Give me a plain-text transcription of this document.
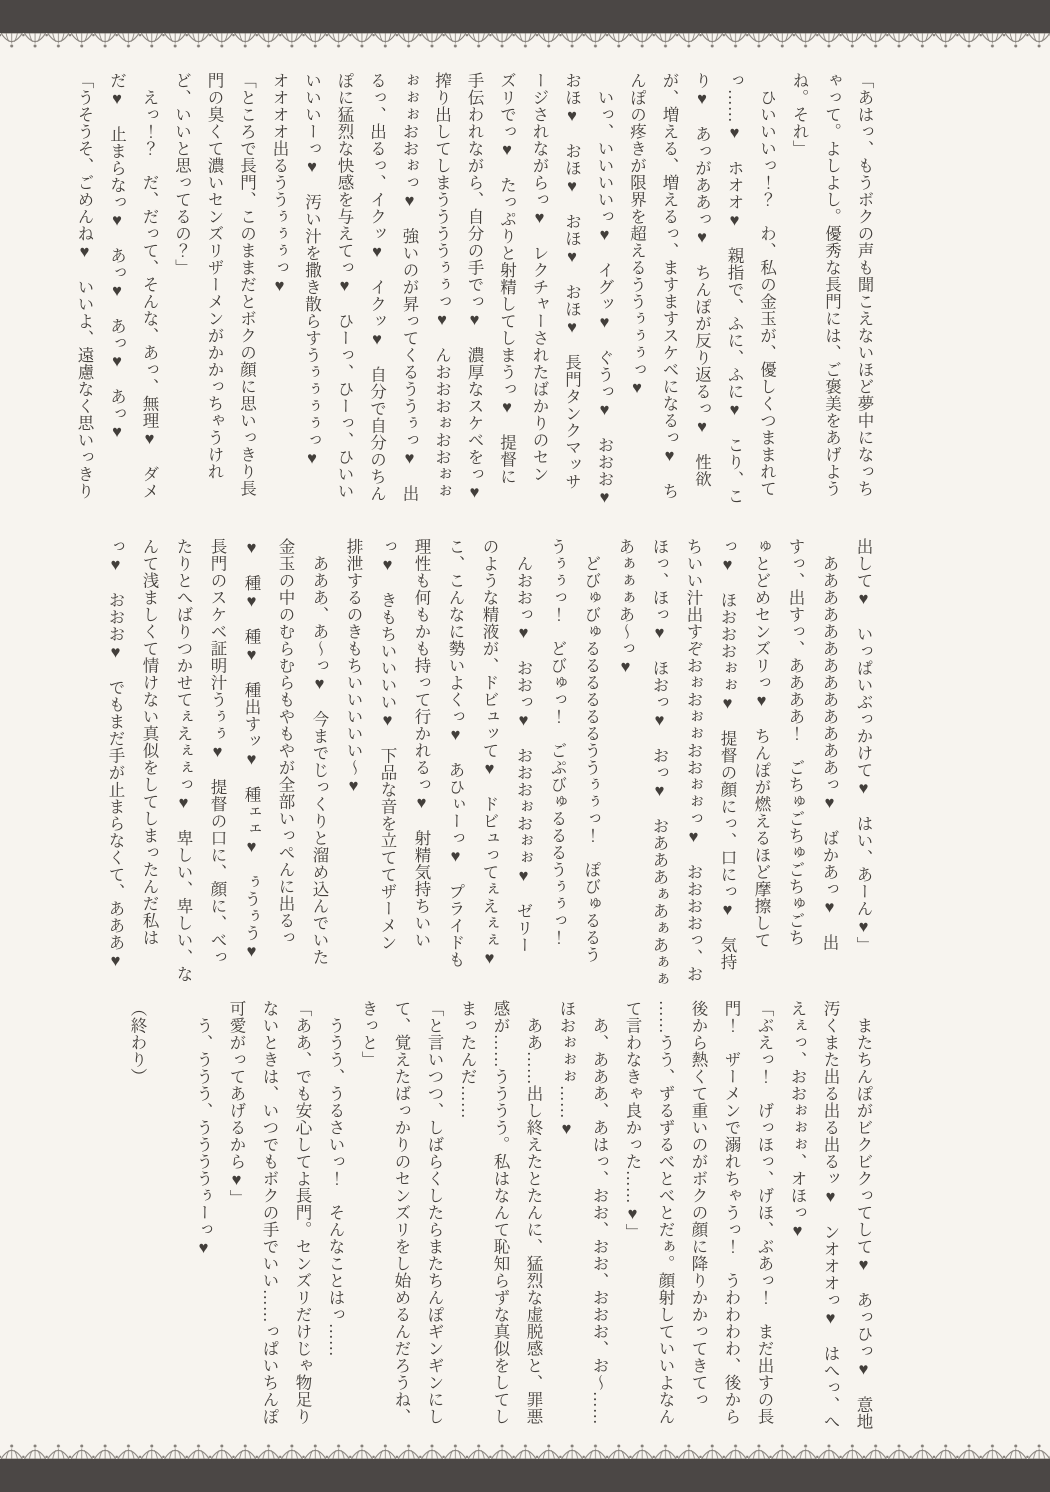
「あはっ、もうボクの声も聞こえないほど夢中になっち

ゃって。よしよし。優秀な長門には、ご褒美をあげよう

ね。それ」

　ひいいいっ！？　わ、私の金玉が、優しくつままれて

っ……♥　ホオオ♥　親指で、ふに、ふに♥　こり、こ

り♥　あっがああっ♥　ちんぽが反り返るっ♥　性欲

が、増える、増えるっ、ますますスケベになるっ♥　ち

んぽの疼きが限界を超えるううぅぅぅっ♥

　いっ、いいいいっ♥　イグッ♥　ぐうっ♥　おおお♥

おほ♥　おほ♥　おほ♥　おほ♥　長門タンクマッサ

ージされながらっ♥　レクチャーされたばかりのセン

ズリでっ♥　たっぷりと射精してしまうっ♥　提督に

手伝われながら、自分の手でっ♥　濃厚なスケベをっ♥

搾り出してしまううううぅぅっ♥　んおおおぉおおぉぉ

ぉぉぉおおぉっ♥　強いのが昇ってくるううぅっ♥　出

るっ、出るっ、イクッ♥　イクッ♥　自分で自分のちん

ぽに猛烈な快感を与えてっ♥　ひーっ、ひーっ、ひいい

いいいーっ♥　汚い汁を撒き散らすうぅぅぅぅっ♥

オオオオ出るううぅぅぅっ♥

「ところで長門、このままだとボクの顔に思いっきり長

門の臭くて濃いセンズリザーメンがかかっちゃうけれ

ど、いいと思ってるの？」

　えっ！？　だ、だって、そんな、あっ、無理♥　ダメ

だ♥　止まらなっ♥　あっ♥　あっ♥　あっ♥

「うそうそ、ごめんね♥　いいよ、遠慮なく思いっきり

出して♥　いっぱいぶっかけて♥　はい、あーん♥」

　あああああああああああああっ♥　ばかあっ♥　出

すっ、出すっ、ああああ！　ごちゅごちゅごちゅごち

ゅとどめセンズリっ♥　ちんぽが燃えるほど摩擦して

っ♥　ほおおおぉぉ♥　提督の顔にっ、口にっ♥　気持

ちいい汁出すぞおぉおぉぉおおぉぉっ♥　おおおおっ、お

ほっ、ほっ♥　ほおっ♥　おっ♥　おあああぁあぁあぁぁ

あぁぁぁあ〜っ♥

　どびゅびゅるるるるるるううぅぅっ！　ぽびゅるるう

うぅぅっ！　どびゅっ！　ごぷびゅるるるうぅぅっ！

　んおおっ♥　おおっ♥　おおおぉおぉぉ♥　ゼリー

のような精液が、ドビュッて♥　ドビュってぇえぇぇ♥

こ、こんなに勢いよくっ♥　あひぃーっ♥　プライドも

理性も何もかも持って行かれるっ♥　射精気持ちいい

っ♥　きもちいいいい♥　下品な音を立ててザーメン

排泄するのきもちいいいいい〜♥

　あああ、あ〜っ♥　今までじっくりと溜め込んでいた

金玉の中のむらむらもやもやが全部いっぺんに出るっ

♥　種♥　種♥　種出すッ♥　種ェェ♥　ぅうぅう♥

長門のスケベ証明汁うぅぅ♥　提督の口に、顔に、べっ

たりとへばりつかせてぇえぇぇっ♥　卑しい、卑しい、な

んて浅ましくて情けない真似をしてしまったんだ私は

っ♥　おおお♥　でもまだ手が止まらなくて、あああ♥

　またちんぽがビクビクってして♥　あっひっ♥　意地

汚くまた出る出る出るッ♥　ンオオオっ♥　はへっ、へ

えぇっ、おおぉぉぉ、オほっ♥

「ぶえっ！　げっほっ、げほ、ぶあっ！　まだ出すの長

門！　ザーメンで溺れちゃうっ！　うわわわわ、後から

後から熱くて重いのがボクの顔に降りかかってきてっ

……うう、ずるずるべとべとだぁ。顔射していいよなん

て言わなきゃ良かった……♥」

　あ、あああ、あはっ、おお、おお、おおお、お〜……

ほおぉぉぉ……♥

　ああ……出し終えたとたんに、猛烈な虚脱感と、罪悪

感が……うううう。私はなんて恥知らずな真似をしてし

まったんだ……

「と言いつつ、しばらくしたらまたちんぽギンギンにし

て、覚えたばっかりのセンズリをし始めるんだろうね、

きっと」

　ううう、うるさいっ！　そんなことはっ……

「ああ、でも安心してよ長門。センズリだけじゃ物足り

ないときは、いつでもボクの手でいい……っぱいちんぽ

可愛がってあげるから♥」

　う、ううう、ううううぅーっ♥

（終わり）
